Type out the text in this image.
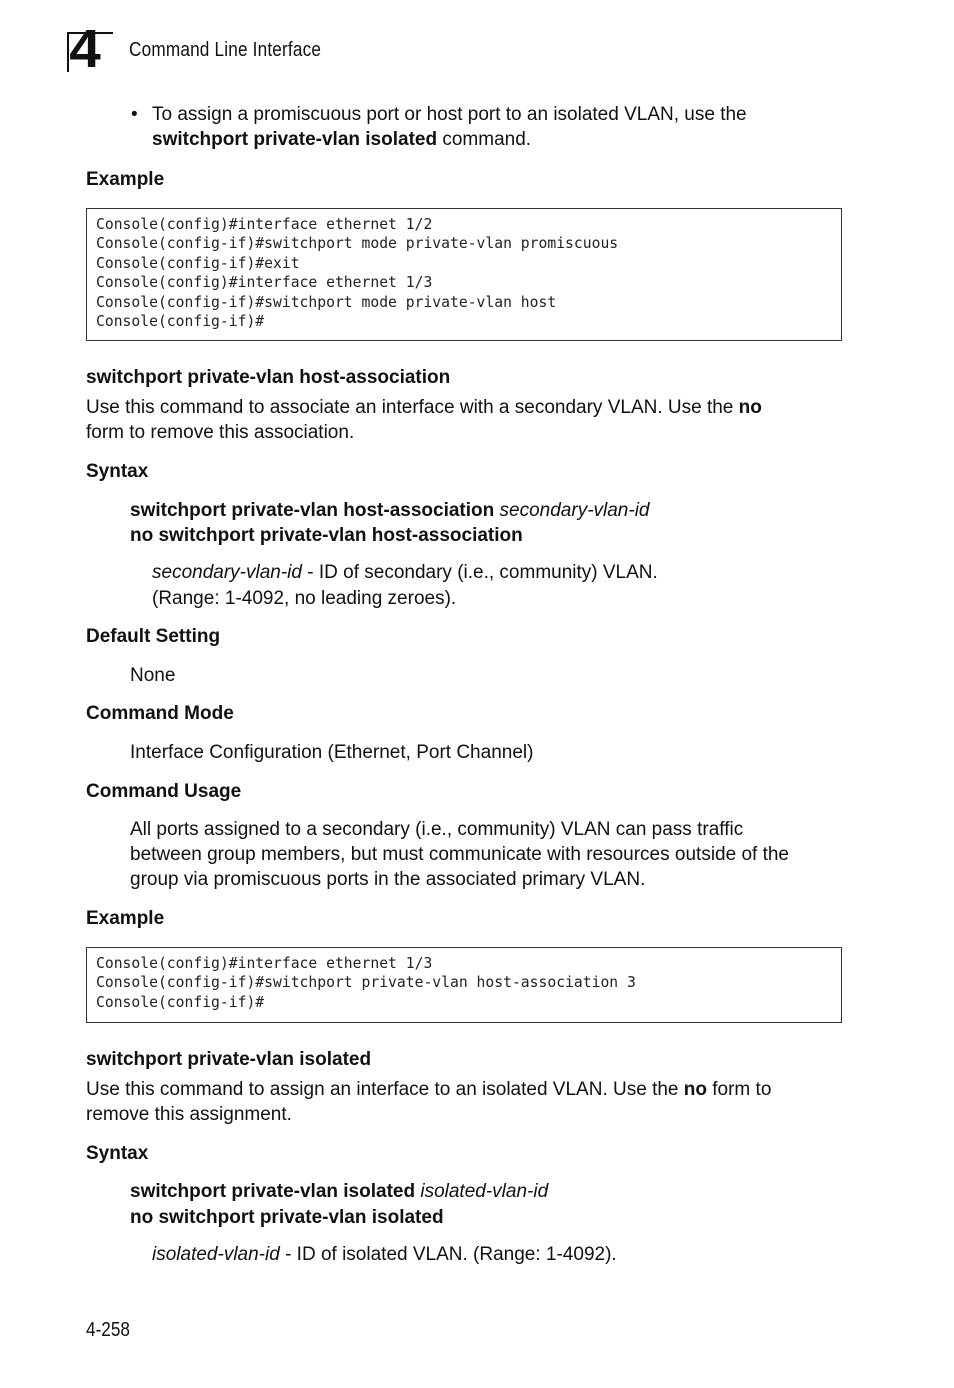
4 Command Line Interface
• To assign a promiscuous port or host port to an isolated VLAN, use the

switchport private-vlan isolated command.

Example

Console(config)#interface ethernet 1/2
Console(config-if)#switchport mode private-vlan promiscuous
Console(config-if)#exit
Console(config)#interface ethernet 1/3
Console(config-if)#switchport mode private-vlan host
Console(config-if)#

switchport private-vlan host-association

Use this command to associate an interface with a secondary VLAN. Use the no

form to remove this association.

Syntax

switchport private-vlan host-association secondary-vlan-id

no switchport private-vlan host-association

secondary-vlan-id - ID of secondary (i.e., community) VLAN.

(Range: 1-4092, no leading zeroes).

Default Setting

None

Command Mode

Interface Configuration (Ethernet, Port Channel)

Command Usage

All ports assigned to a secondary (i.e., community) VLAN can pass traffic

between group members, but must communicate with resources outside of the

group via promiscuous ports in the associated primary VLAN.

Example

Console(config)#interface ethernet 1/3
Console(config-if)#switchport private-vlan host-association 3
Console(config-if)#

switchport private-vlan isolated

Use this command to assign an interface to an isolated VLAN. Use the no form to

remove this assignment.

Syntax

switchport private-vlan isolated isolated-vlan-id

no switchport private-vlan isolated

isolated-vlan-id - ID of isolated VLAN. (Range: 1-4092).

4-258
